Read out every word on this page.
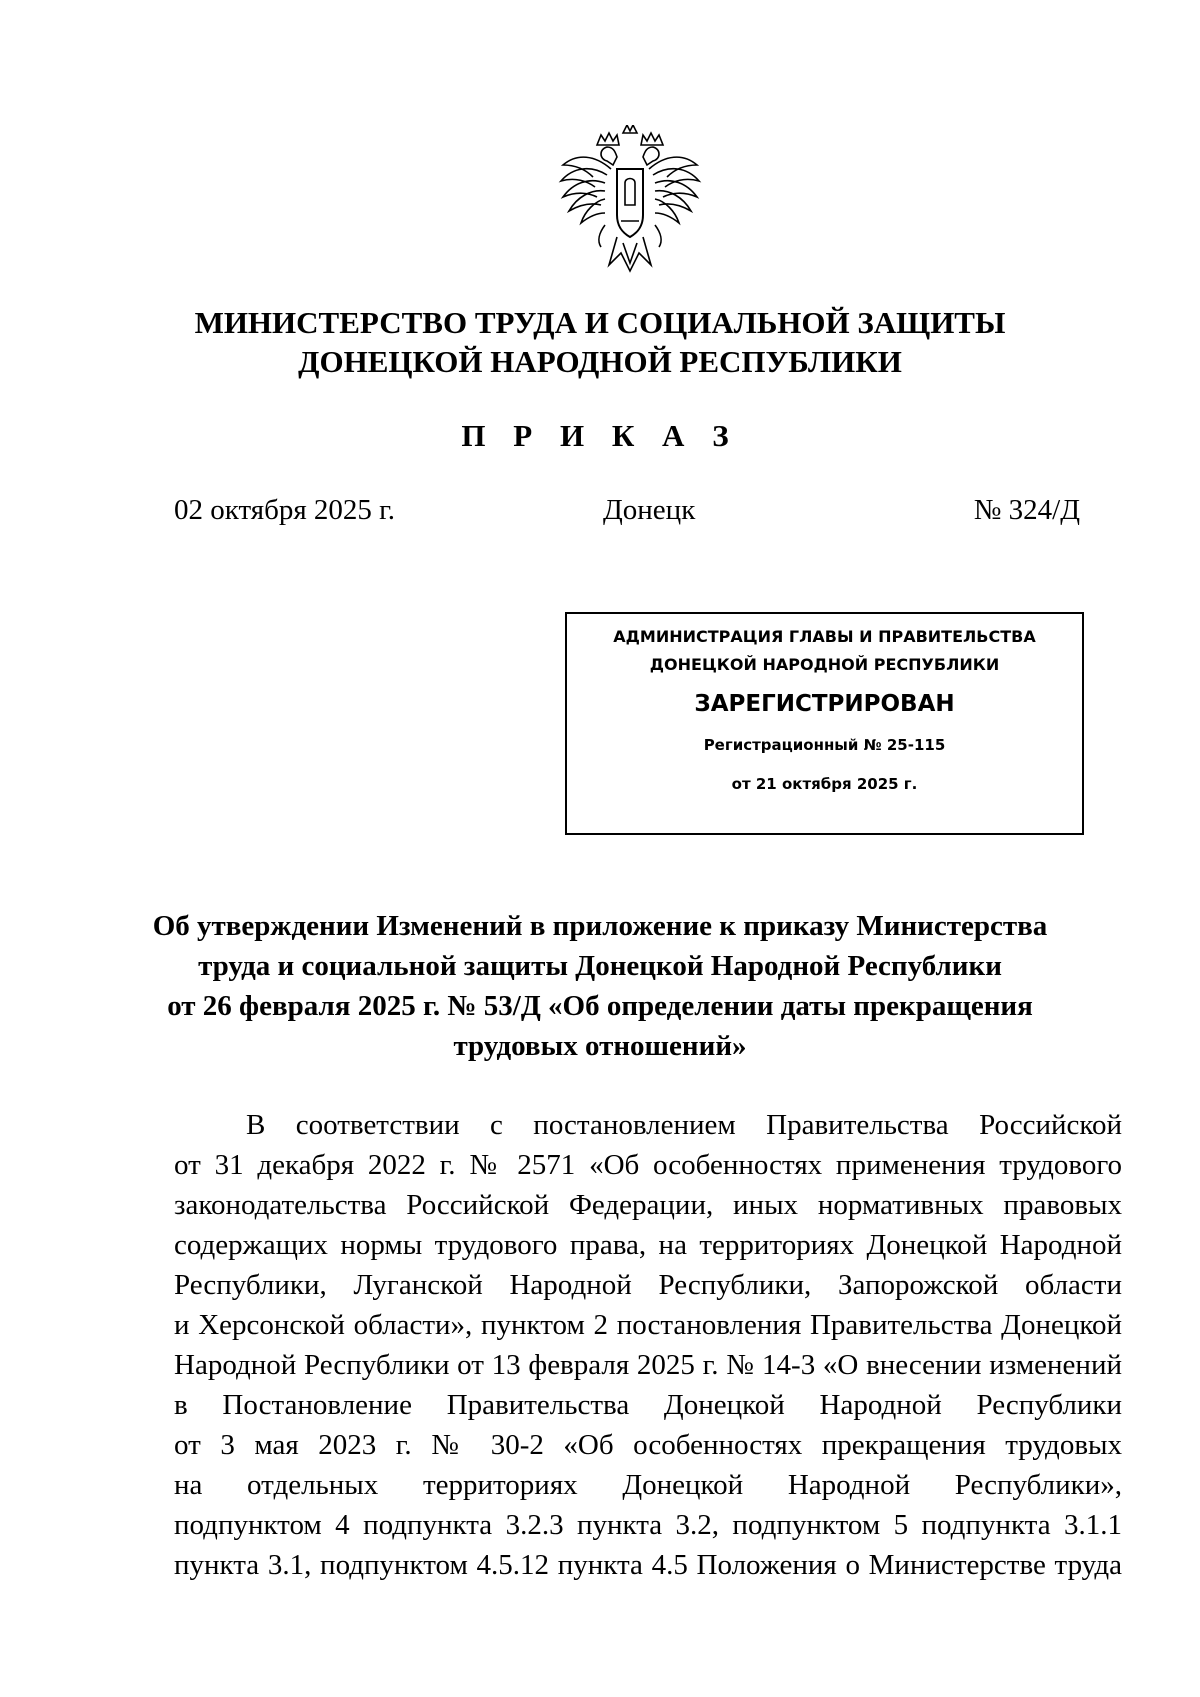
МИНИСТЕРСТВО ТРУДА И СОЦИАЛЬНОЙ ЗАЩИТЫ
ДОНЕЦКОЙ НАРОДНОЙ РЕСПУБЛИКИ
П Р И К А З
02 октября 2025 г.	Донецк	№ 324/Д
АДМИНИСТРАЦИЯ ГЛАВЫ И ПРАВИТЕЛЬСТВА
ДОНЕЦКОЙ НАРОДНОЙ РЕСПУБЛИКИ
ЗАРЕГИСТРИРОВАН
Регистрационный № 25-115
от 21 октября 2025 г.
Об утверждении Изменений в приложение к приказу Министерства
труда и социальной защиты Донецкой Народной Республики
от 26 февраля 2025 г. № 53/Д «Об определении даты прекращения
трудовых отношений»
В соответствии с постановлением Правительства Российской
от 31 декабря 2022 г. № 2571 «Об особенностях применения трудового
законодательства Российской Федерации, иных нормативных правовых
содержащих нормы трудового права, на территориях Донецкой Народной
Республики, Луганской Народной Республики, Запорожской области
и Херсонской области», пунктом 2 постановления Правительства Донецкой
Народной Республики от 13 февраля 2025 г. № 14-3 «О внесении изменений
в Постановление Правительства Донецкой Народной Республики
от 3 мая 2023 г. № 30-2 «Об особенностях прекращения трудовых
на отдельных территориях Донецкой Народной Республики»,
подпунктом 4 подпункта 3.2.3 пункта 3.2, подпунктом 5 подпункта 3.1.1
пункта 3.1, подпунктом 4.5.12 пункта 4.5 Положения о Министерстве труда
